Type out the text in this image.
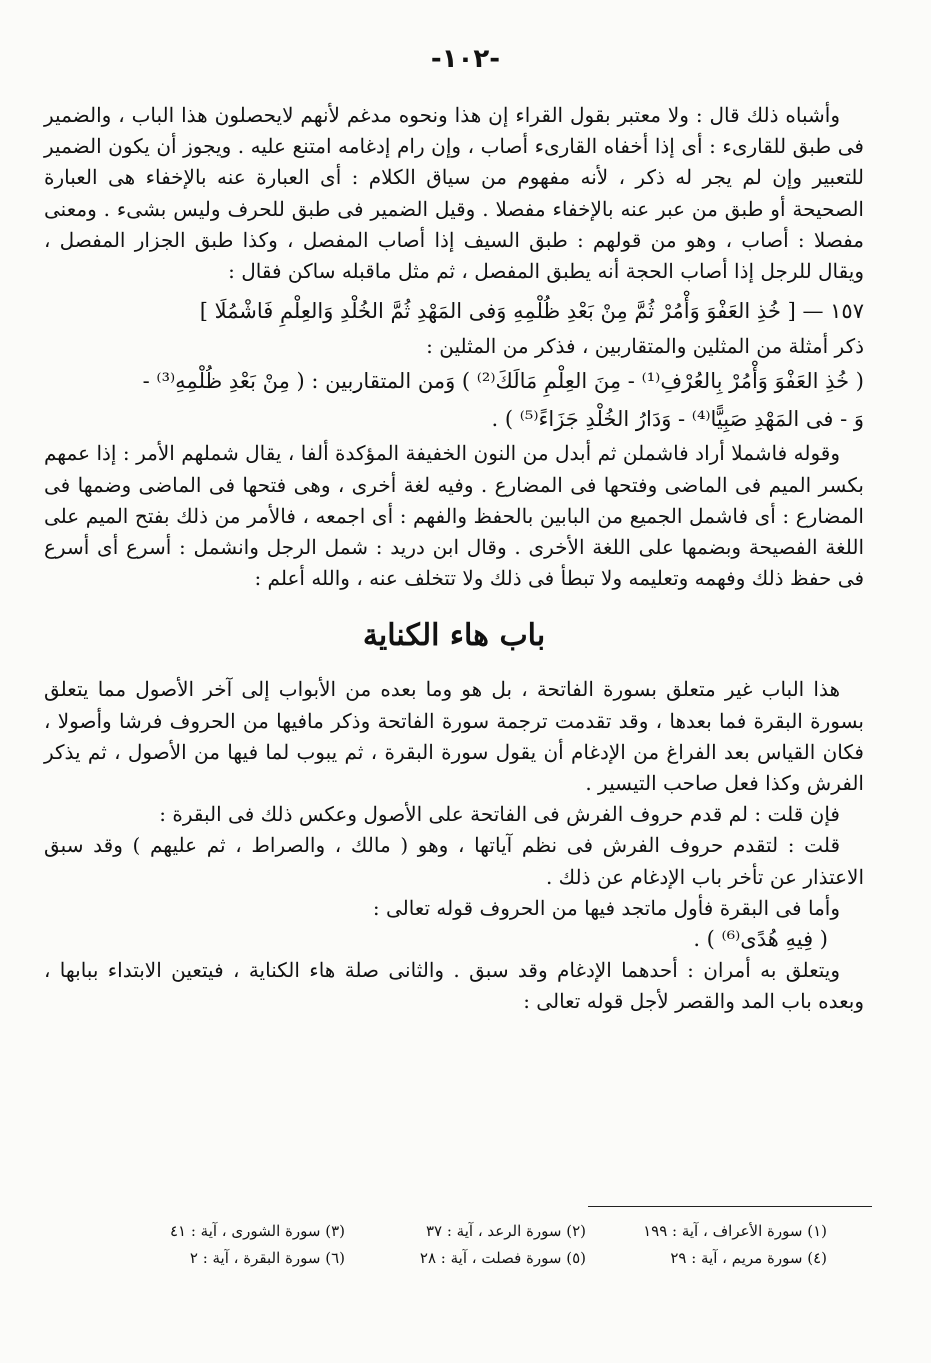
-١٠٢-

وأشباه ذلك قال : ولا معتبر بقول القراء إن هذا ونحوه مدغم لأنهم لايحصلون هذا الباب ، والضمير فى طبق للقارىء : أى إذا أخفاه القارىء أصاب ، وإن رام إدغامه امتنع عليه . ويجوز أن يكون الضمير للتعبير وإن لم يجر له ذكر ، لأنه مفهوم من سياق الكلام : أى العبارة عنه بالإخفاء هى العبارة الصحيحة أو طبق من عبر عنه بالإخفاء مفصلا . وقيل الضمير فى طبق للحرف وليس بشىء . ومعنى مفصلا : أصاب ، وهو من قولهم : طبق السيف إذا أصاب المفصل ، وكذا طبق الجزار المفصل ، ويقال للرجل إذا أصاب الحجة أنه يطبق المفصل ، ثم مثل ماقبله ساكن فقال :

١٥٧ — [ خُذِ العَفْوَ وَأْمُرْ ثُمَّ مِنْ بَعْدِ ظُلْمِهِ وَفى المَهْدِ ثُمَّ الخُلْدِ وَالعِلْمِ فَاشْمُلَا ]

ذكر أمثلة من المثلين والمتقاربين ، فذكر من المثلين :

( خُذِ العَفْوَ وَأْمُرْ بِالعُرْفِ⁽¹⁾ - مِنَ العِلْمِ مَالَكَ⁽²⁾ ) وَمن المتقاربين : ( مِنْ بَعْدِ ظُلْمِهِ⁽³⁾ -
وَ - فى المَهْدِ صَبِيًّا⁽⁴⁾ - وَدَارُ الخُلْدِ جَزَاءً⁽⁵⁾ ) .

وقوله فاشملا أراد فاشملن ثم أبدل من النون الخفيفة المؤكدة ألفا ، يقال شملهم الأمر : إذا عمهم بكسر الميم فى الماضى وفتحها فى المضارع . وفيه لغة أخرى ، وهى فتحها فى الماضى وضمها فى المضارع : أى فاشمل الجميع من البابين بالحفظ والفهم : أى اجمعه ، فالأمر من ذلك بفتح الميم على اللغة الفصيحة وبضمها على اللغة الأخرى . وقال ابن دريد : شمل الرجل وانشمل : أسرع أى أسرع فى حفظ ذلك وفهمه وتعليمه ولا تبطأ فى ذلك ولا تتخلف عنه ، والله أعلم :

باب هاء الكناية

هذا الباب غير متعلق بسورة الفاتحة ، بل هو وما بعده من الأبواب إلى آخر الأصول مما يتعلق بسورة البقرة فما بعدها ، وقد تقدمت ترجمة سورة الفاتحة وذكر مافيها من الحروف فرشا وأصولا ، فكان القياس بعد الفراغ من الإدغام أن يقول سورة البقرة ، ثم يبوب لما فيها من الأصول ، ثم يذكر الفرش وكذا فعل صاحب التيسير .

فإن قلت : لم قدم حروف الفرش فى الفاتحة على الأصول وعكس ذلك فى البقرة :

قلت : لتقدم حروف الفرش فى نظم آياتها ، وهو ( مالك ، والصراط ، ثم عليهم ) وقد سبق الاعتذار عن تأخر باب الإدغام عن ذلك .

وأما فى البقرة فأول ماتجد فيها من الحروف قوله تعالى :

( فِيهِ هُدًى⁽⁶⁾ ) .

ويتعلق به أمران : أحدهما الإدغام وقد سبق . والثانى صلة هاء الكناية ، فيتعين الابتداء ببابها ، وبعده باب المد والقصر لأجل قوله تعالى :

(١) سورة الأعراف ، آية : ١٩٩
(٢) سورة الرعد ، آية : ٣٧
(٣) سورة الشورى ، آية : ٤١
(٤) سورة مريم ، آية : ٢٩
(٥) سورة فصلت ، آية : ٢٨
(٦) سورة البقرة ، آية : ٢
